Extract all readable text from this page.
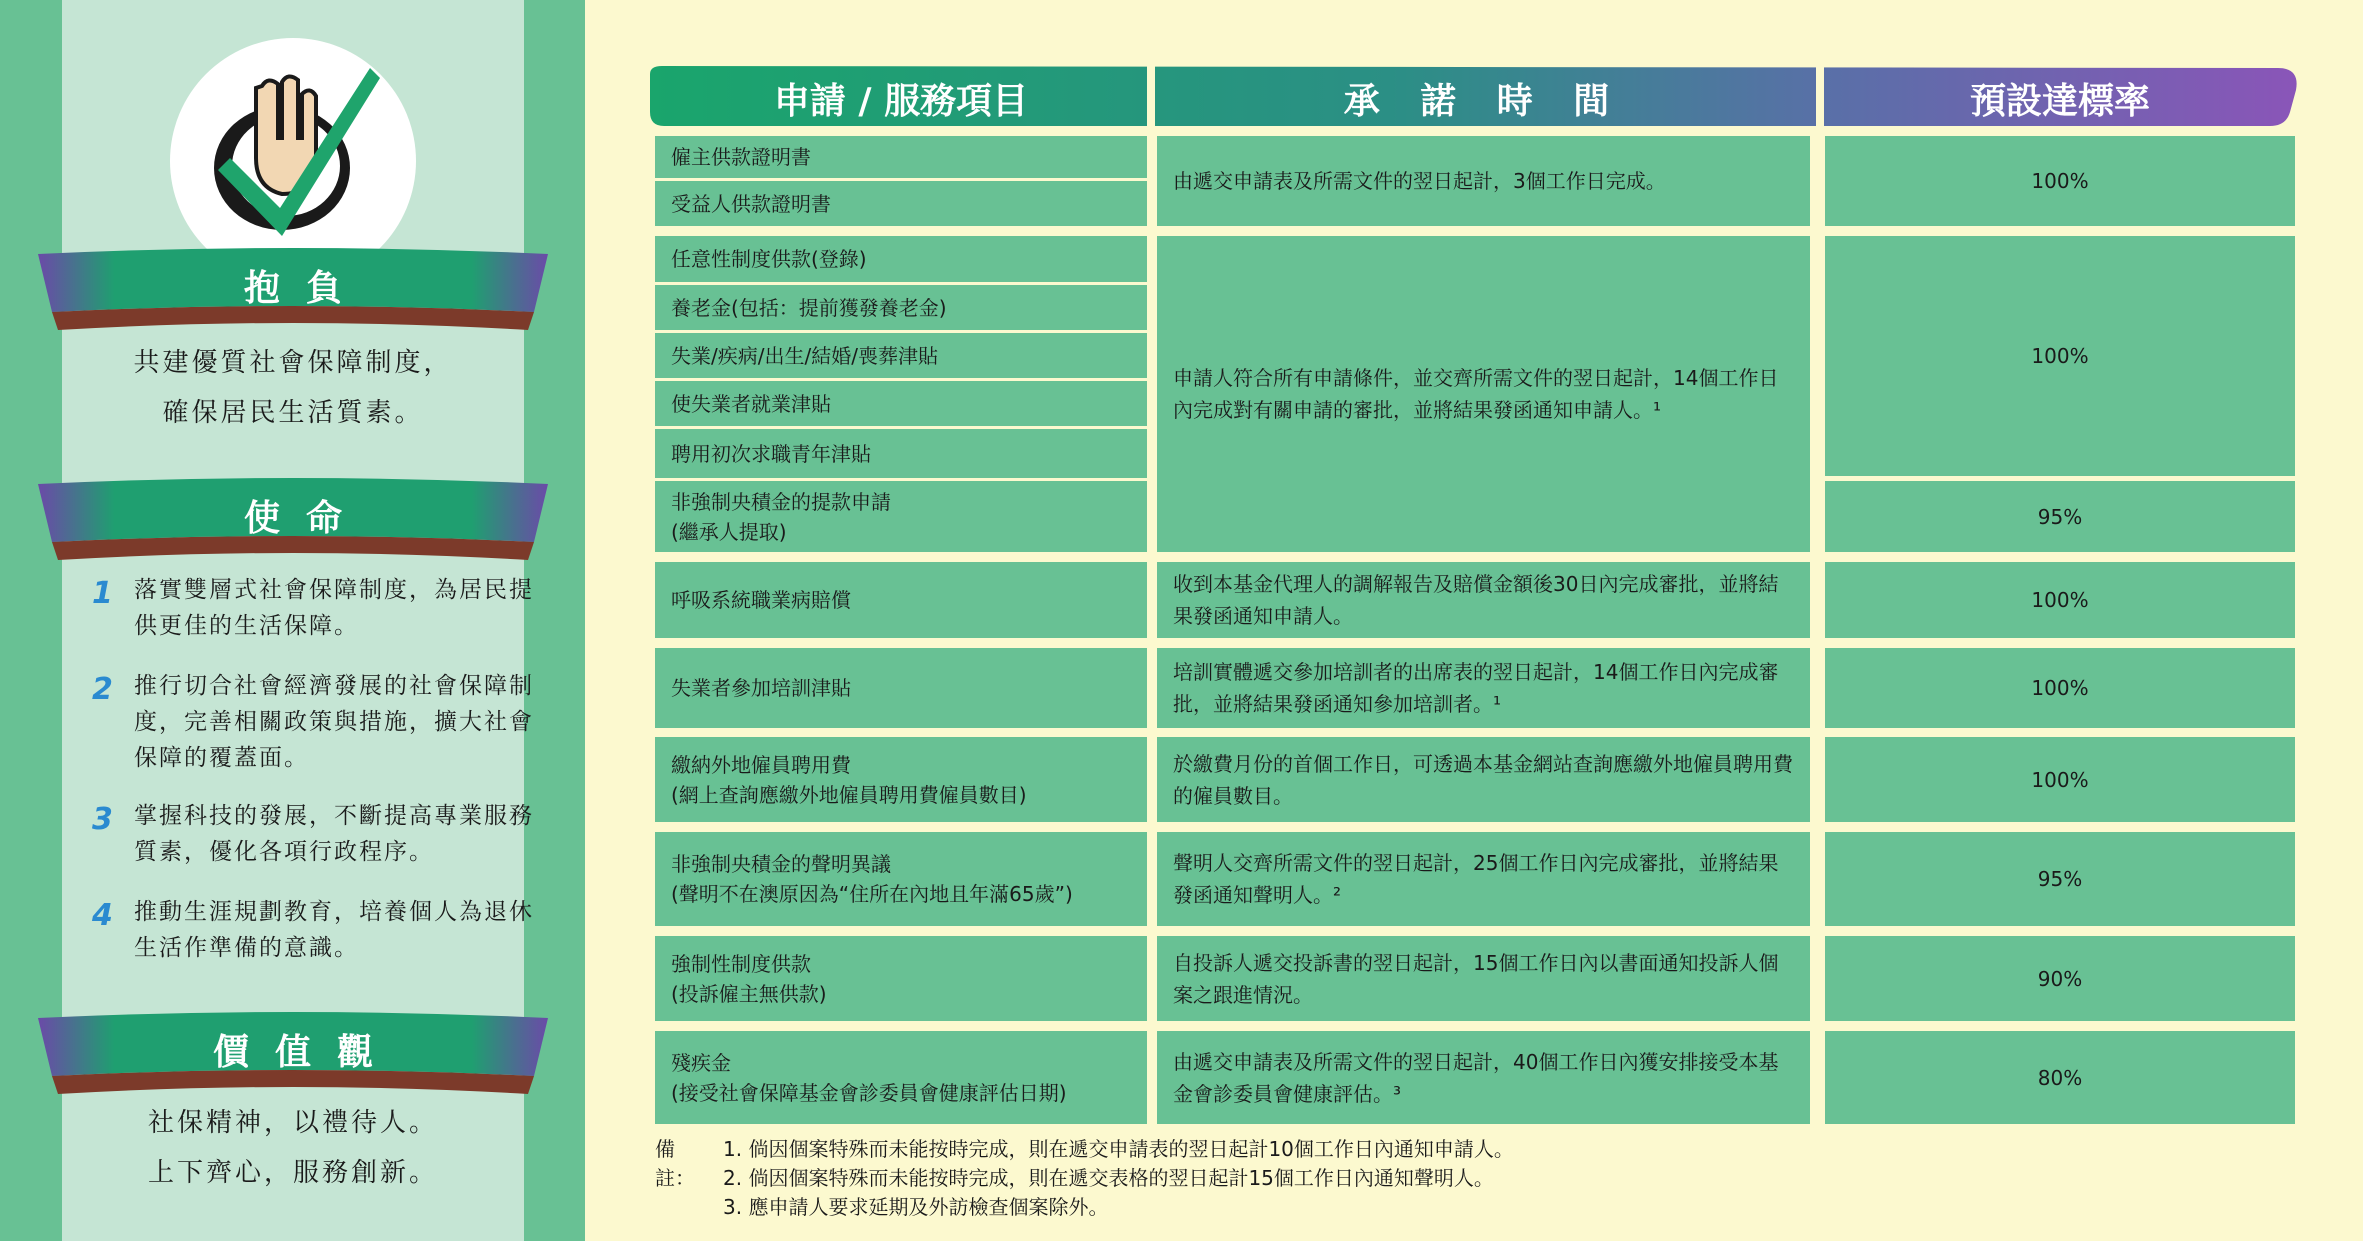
抱負
共建優質社會保障制度，
確保居民生活質素。
使命
1 落實雙層式社會保障制度，為居民提供更佳的生活保障。
2 推行切合社會經濟發展的社會保障制度，完善相關政策與措施，擴大社會保障的覆蓋面。
3 掌握科技的發展，不斷提高專業服務質素，優化各項行政程序。
4 推動生涯規劃教育，培養個人為退休生活作準備的意識。
價值觀
社保精神，以禮待人。
上下齊心，服務創新。
申請 / 服務項目	承 諾 時 間	預設達標率
僱主供款證明書
受益人供款證明書
任意性制度供款(登錄)
養老金(包括：提前獲發養老金)
失業/疾病/出生/結婚/喪葬津貼
使失業者就業津貼
聘用初次求職青年津貼
非強制央積金的提款申請
(繼承人提取)
呼吸系統職業病賠償
失業者參加培訓津貼
繳納外地僱員聘用費
(網上查詢應繳外地僱員聘用費僱員數目)
非強制央積金的聲明異議
(聲明不在澳原因為“住所在內地且年滿65歲”)
強制性制度供款
(投訴僱主無供款)
殘疾金
(接受社會保障基金會診委員會健康評估日期)
由遞交申請表及所需文件的翌日起計，3個工作日完成。
申請人符合所有申請條件，並交齊所需文件的翌日起計，14個工作日內完成對有關申請的審批，並將結果發函通知申請人。¹
收到本基金代理人的調解報告及賠償金額後30日內完成審批，並將結果發函通知申請人。
培訓實體遞交參加培訓者的出席表的翌日起計，14個工作日內完成審批，並將結果發函通知參加培訓者。¹
於繳費月份的首個工作日，可透過本基金網站查詢應繳外地僱員聘用費的僱員數目。
聲明人交齊所需文件的翌日起計，25個工作日內完成審批，並將結果發函通知聲明人。²
自投訴人遞交投訴書的翌日起計，15個工作日內以書面通知投訴人個案之跟進情況。
由遞交申請表及所需文件的翌日起計，40個工作日內獲安排接受本基金會診委員會健康評估。³
100%
100%
95%
100%
100%
100%
95%
90%
80%
備註：
1. 倘因個案特殊而未能按時完成，則在遞交申請表的翌日起計10個工作日內通知申請人。
2. 倘因個案特殊而未能按時完成，則在遞交表格的翌日起計15個工作日內通知聲明人。
3. 應申請人要求延期及外訪檢查個案除外。
